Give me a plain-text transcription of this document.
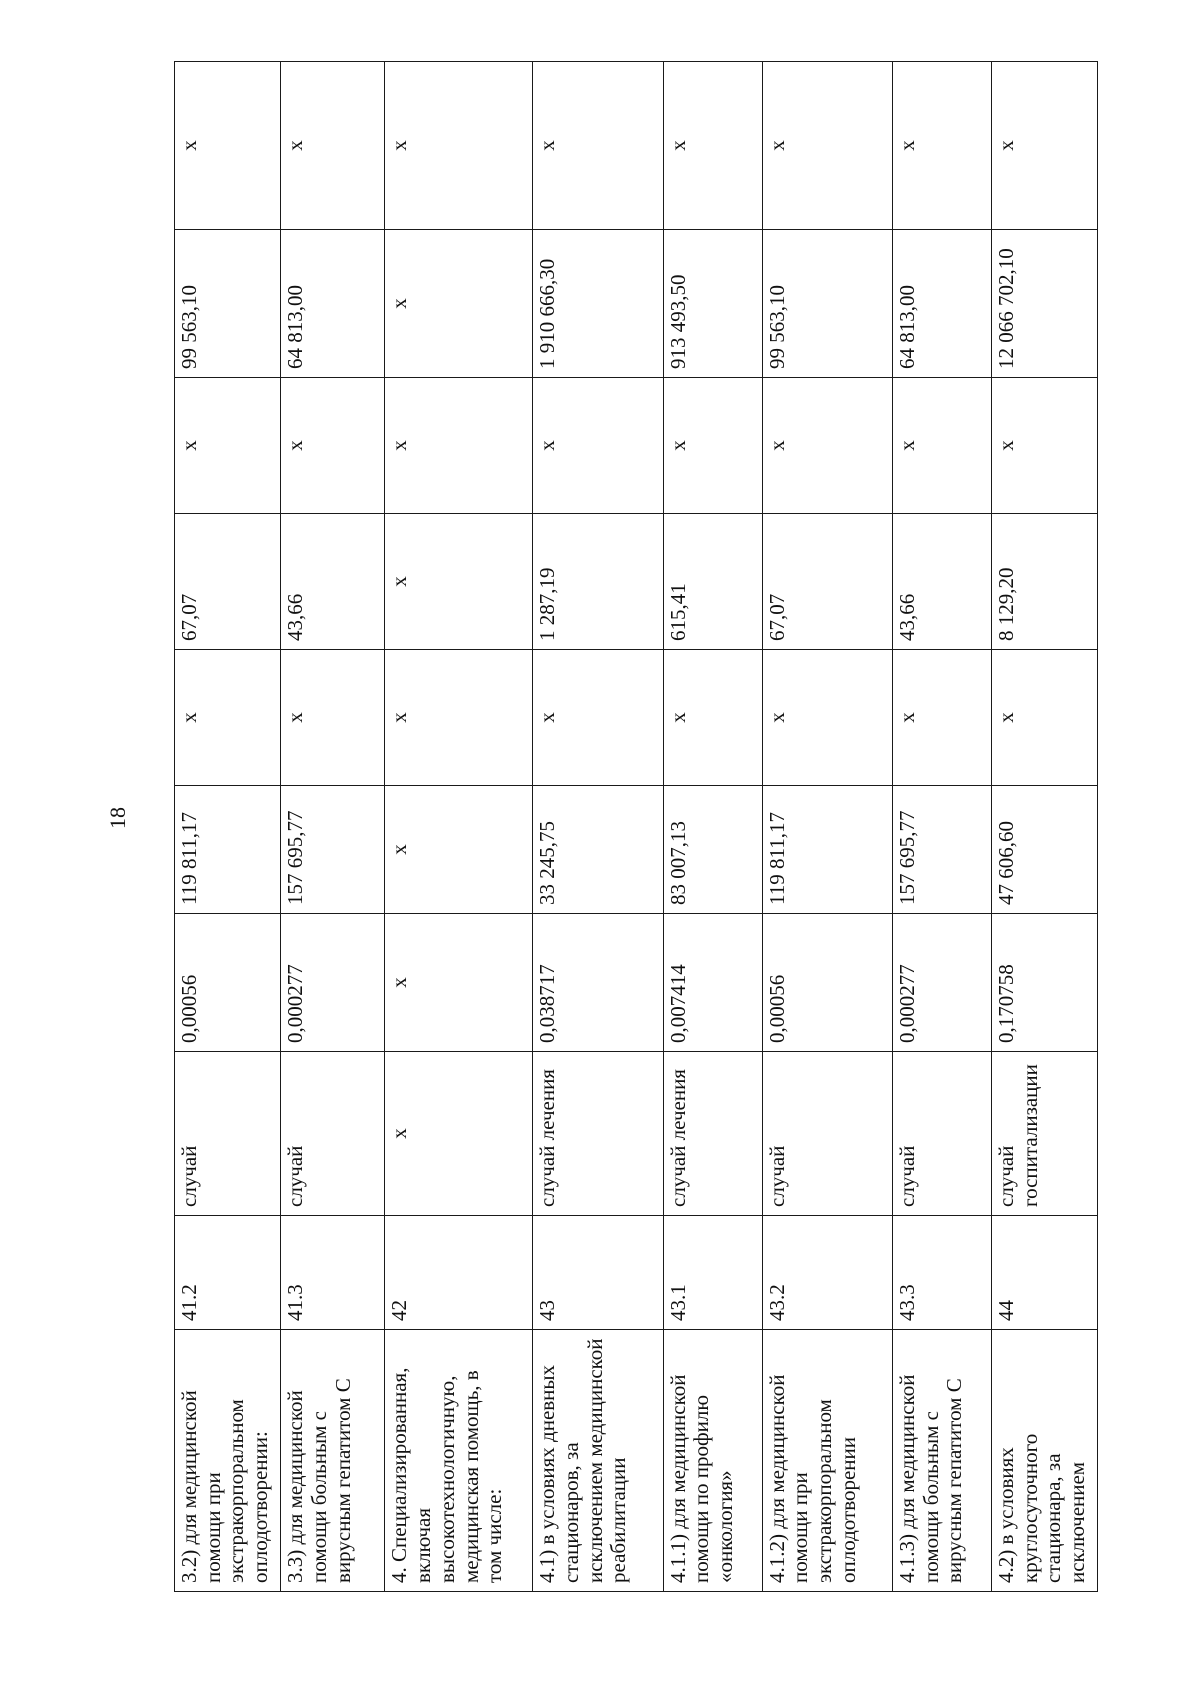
18
3.2) для медицинской помощи при экстракорпоральном оплодотворении:	41.2	случай	0,00056	119 811,17	х	67,07	х	99 563,10	х
3.3) для медицинской помощи больным с вирусным гепатитом С	41.3	случай	0,000277	157 695,77	х	43,66	х	64 813,00	х
4. Специализированная, включая высокотехнологичную, медицинская помощь, в том числе:	42	х	х	х	х	х	х	х	х
4.1) в условиях дневных стационаров, за исключением медицинской реабилитации	43	случай лечения	0,038717	33 245,75	х	1 287,19	х	1 910 666,30	х
4.1.1) для медицинской помощи по профилю «онкология»	43.1	случай лечения	0,007414	83 007,13	х	615,41	х	913 493,50	х
4.1.2) для медицинской помощи при экстракорпоральном оплодотворении	43.2	случай	0,00056	119 811,17	х	67,07	х	99 563,10	х
4.1.3) для медицинской помощи больным с вирусным гепатитом С	43.3	случай	0,000277	157 695,77	х	43,66	х	64 813,00	х
4.2) в условиях круглосуточного стационара, за исключением	44	случай госпитализации	0,170758	47 606,60	х	8 129,20	х	12 066 702,10	х
